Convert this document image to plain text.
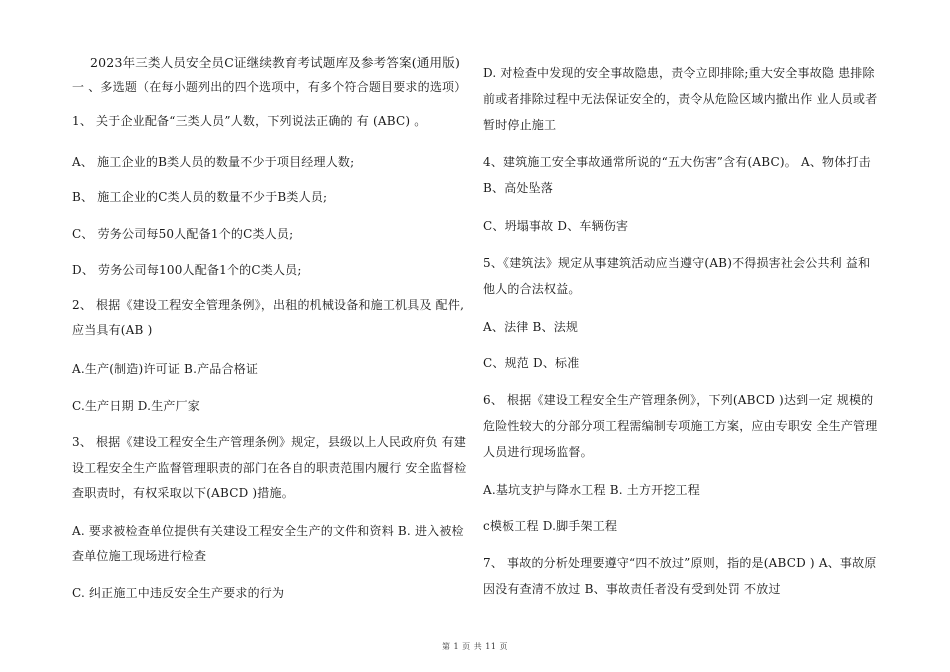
2023年三类人员安全员C证继续教育考试题库及参考答案(通用版)
一 、多选题（在每小题列出的四个选项中，有多个符合题目要求的选项）
1、 关于企业配备“三类人员”人数，下列说法正确的 有 (ABC) 。
A、 施工企业的B类人员的数量不少于项目经理人数;
B、 施工企业的C类人员的数量不少于B类人员;
C、 劳务公司每50人配备1个的C类人员;
D、 劳务公司每100人配备1个的C类人员;
2、 根据《建设工程安全管理条例》，出租的机械设备和施工机具及 配件,
应当具有(AB )
A.生产(制造)许可证 B.产品合格证
C.生产日期 D.生产厂家
3、 根据《建设工程安全生产管理条例》规定，县级以上人民政府负 有建
设工程安全生产监督管理职责的部门在各自的职责范围内履行 安全监督检
查职责时，有权采取以下(ABCD )措施。
A. 要求被检查单位提供有关建设工程安全生产的文件和资料 B. 进入被检
查单位施工现场进行检查
C. 纠正施工中违反安全生产要求的行为
D. 对检查中发现的安全事故隐患，责令立即排除;重大安全事故隐 患排除
前或者排除过程中无法保证安全的，责令从危险区域内撤出作 业人员或者
暂时停止施工
4、建筑施工安全事故通常所说的“五大伤害”含有(ABC)。 A、物体打击
B、高处坠落
C、坍塌事故 D、车辆伤害
5、《建筑法》规定从事建筑活动应当遵守(AB)不得损害社会公共利 益和
他人的合法权益。
A、法律 B、法规
C、规范 D、标准
6、 根据《建设工程安全生产管理条例》，下列(ABCD )达到一定 规模的
危险性较大的分部分项工程需编制专项施工方案，应由专职安 全生产管理
人员进行现场监督。
A.基坑支护与降水工程 B. 土方开挖工程
c模板工程 D.脚手架工程
7、 事故的分析处理要遵守“四不放过”原则，指的是(ABCD ) A、事故原
因没有查清不放过 B、事故责任者没有受到处罚 不放过
第 1 页 共 11 页
